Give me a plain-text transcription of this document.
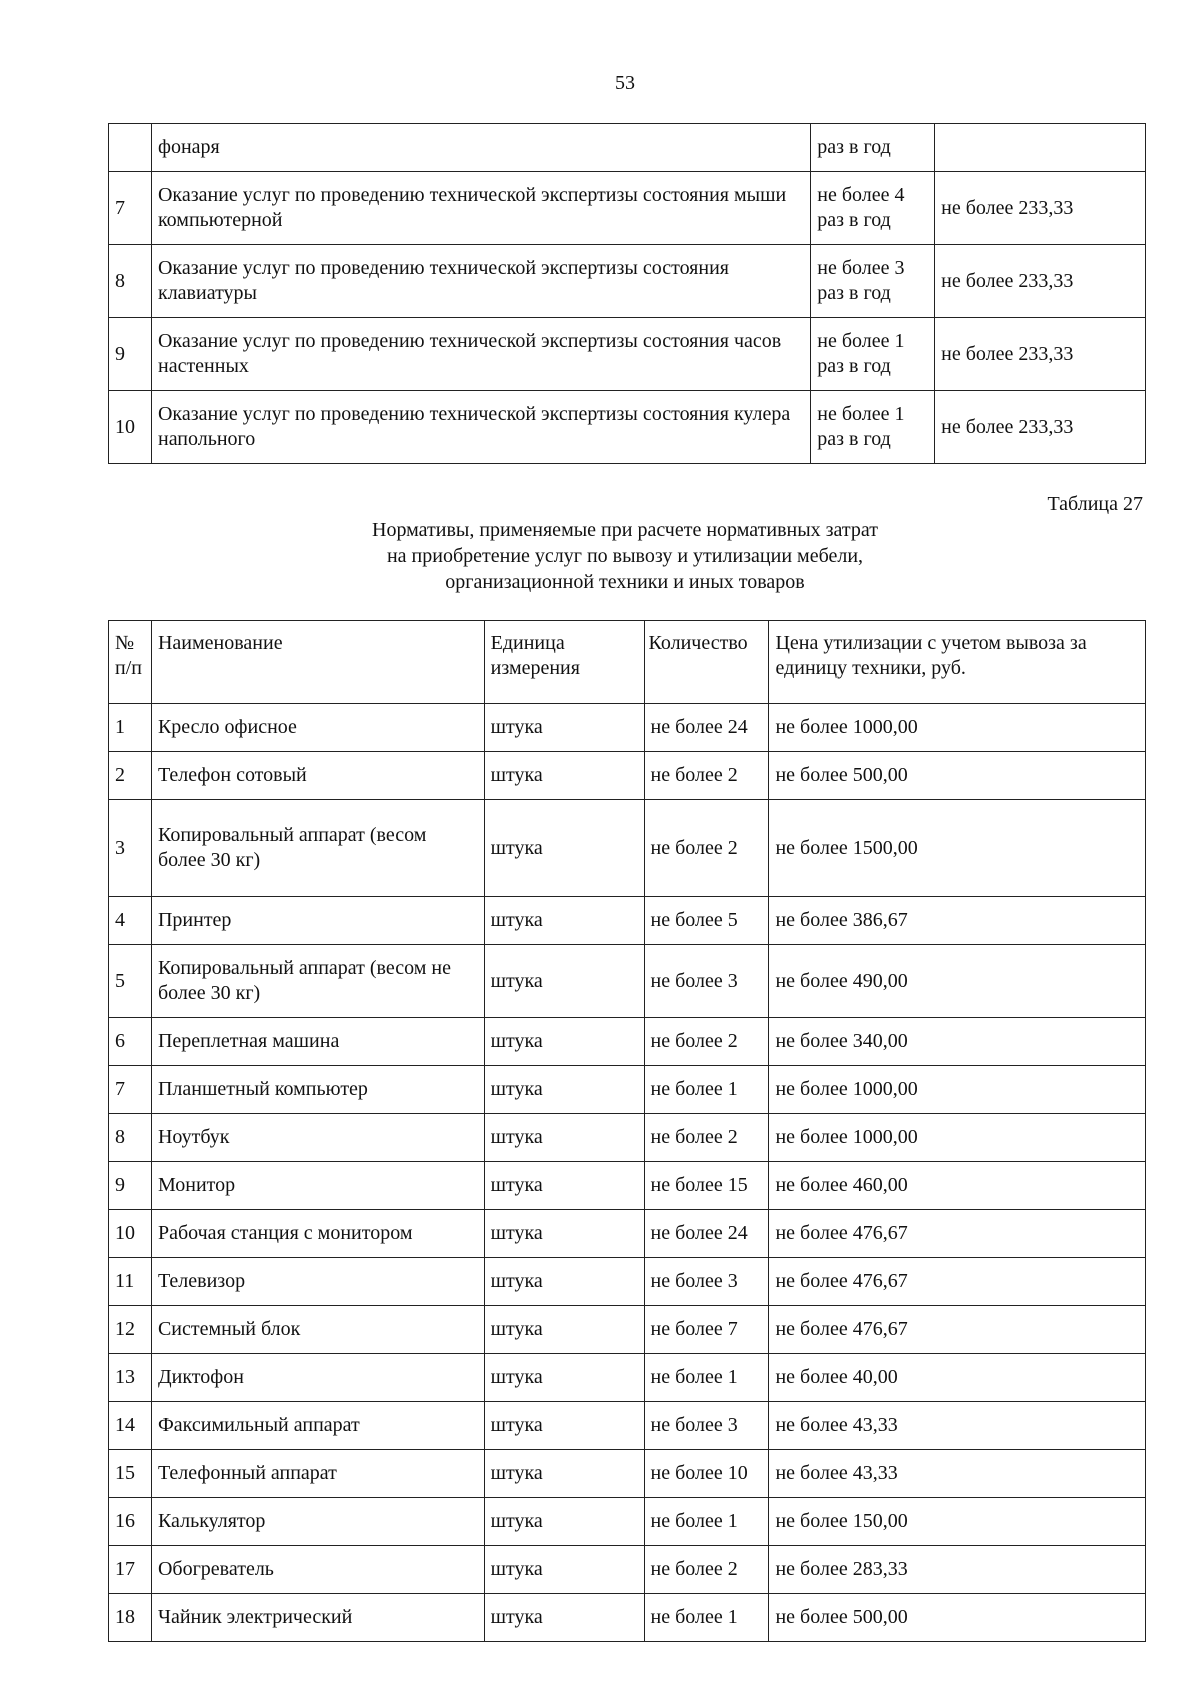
53
	фонаря	раз в год	
7	Оказание услуг по проведению технической экспертизы состояния мыши компьютерной	не более 4 раз в год	не более 233,33
8	Оказание услуг по проведению технической экспертизы состояния клавиатуры	не более 3 раз в год	не более 233,33
9	Оказание услуг по проведению технической экспертизы состояния часов настенных	не более 1 раз в год	не более 233,33
10	Оказание услуг по проведению технической экспертизы состояния кулера напольного	не более 1 раз в год	не более 233,33
Таблица 27
Нормативы, применяемые при расчете нормативных затрат
на приобретение услуг по вывозу и утилизации мебели,
организационной техники и иных товаров
№ п/п	Наименование	Единица измерения	Количество	Цена утилизации с учетом вывоза за единицу техники, руб.
1	Кресло офисное	штука	не более 24	не более 1000,00
2	Телефон сотовый	штука	не более 2	не более 500,00
3	Копировальный аппарат (весом более 30 кг)	штука	не более 2	не более 1500,00
4	Принтер	штука	не более 5	не более 386,67
5	Копировальный аппарат (весом не более 30 кг)	штука	не более 3	не более 490,00
6	Переплетная машина	штука	не более 2	не более 340,00
7	Планшетный компьютер	штука	не более 1	не более 1000,00
8	Ноутбук	штука	не более 2	не более 1000,00
9	Монитор	штука	не более 15	не более 460,00
10	Рабочая станция с монитором	штука	не более 24	не более 476,67
11	Телевизор	штука	не более 3	не более 476,67
12	Системный блок	штука	не более 7	не более 476,67
13	Диктофон	штука	не более 1	не более 40,00
14	Факсимильный аппарат	штука	не более 3	не более 43,33
15	Телефонный аппарат	штука	не более 10	не более 43,33
16	Калькулятор	штука	не более 1	не более 150,00
17	Обогреватель	штука	не более 2	не более 283,33
18	Чайник электрический	штука	не более 1	не более 500,00
